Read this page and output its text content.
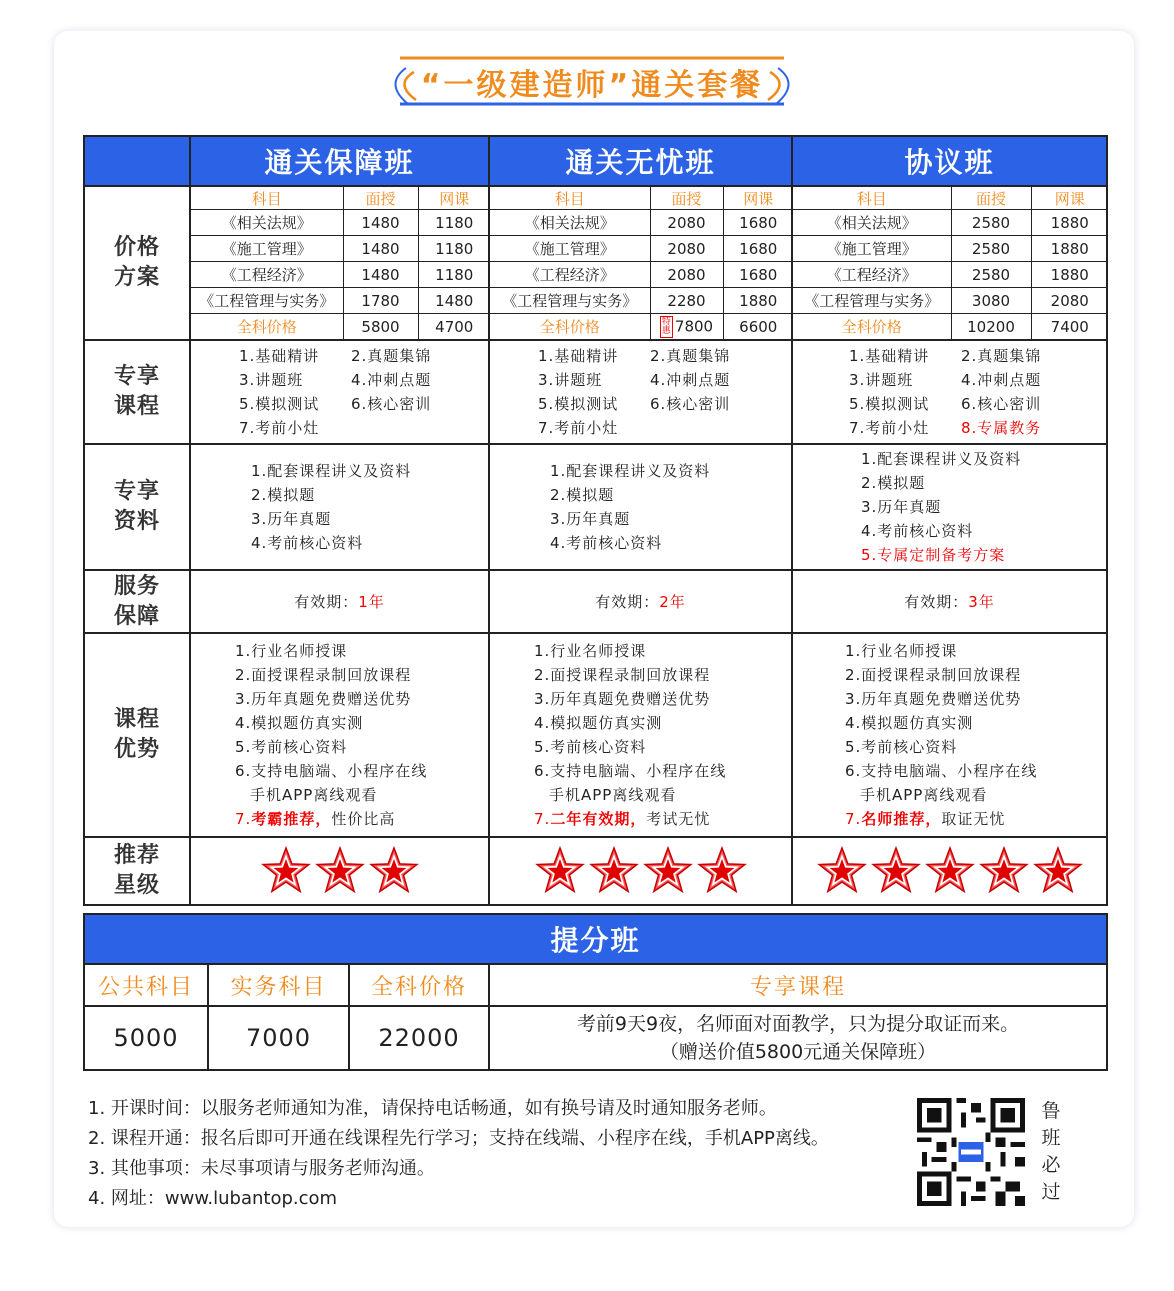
“一级建造师”通关套餐
	通关保障班	通关无忧班	协议班

价格
方案

科目	面授	网课
《相关法规》	1480	1180
《施工管理》	1480	1180
《工程经济》	1480	1180
《工程管理与实务》	1780	1480
全科价格	5800	4700

科目	面授	网课
《相关法规》	2080	1680
《施工管理》	2080	1680
《工程经济》	2080	1680
《工程管理与实务》	2280	1880
全科价格	特惠 7800	6600

科目	面授	网课
《相关法规》	2580	1880
《施工管理》	2580	1880
《工程经济》	2580	1880
《工程管理与实务》	3080	2080
全科价格	10200	7400

专享
课程

1.基础精讲	2.真题集锦
3.讲题班	4.冲刺点题
5.模拟测试	6.核心密训
7.考前小灶

1.基础精讲	2.真题集锦
3.讲题班	4.冲刺点题
5.模拟测试	6.核心密训
7.考前小灶

1.基础精讲	2.真题集锦
3.讲题班	4.冲刺点题
5.模拟测试	6.核心密训
7.考前小灶	8.专属教务

专享
资料

1.配套课程讲义及资料
2.模拟题
3.历年真题
4.考前核心资料

1.配套课程讲义及资料
2.模拟题
3.历年真题
4.考前核心资料

1.配套课程讲义及资料
2.模拟题
3.历年真题
4.考前核心资料
5.专属定制备考方案

服务
保障
	有效期：1年	有效期：2年	有效期：3年

课程
优势

1.行业名师授课
2.面授课程录制回放课程
3.历年真题免费赠送优势
4.模拟题仿真实测
5.考前核心资料
6.支持电脑端、小程序在线
手机APP离线观看
7.考霸推荐，性价比高

1.行业名师授课
2.面授课程录制回放课程
3.历年真题免费赠送优势
4.模拟题仿真实测
5.考前核心资料
6.支持电脑端、小程序在线
手机APP离线观看
7.二年有效期，考试无忧

1.行业名师授课
2.面授课程录制回放课程
3.历年真题免费赠送优势
4.模拟题仿真实测
5.考前核心资料
6.支持电脑端、小程序在线
手机APP离线观看
7.名师推荐，取证无忧

推荐
星级

提分班			
公共科目	实务科目	全科价格	专享课程
5000	7000	22000	考前9天9夜，名师面对面教学，只为提分取证而来。
（赠送价值5800元通关保障班）
1. 开课时间：以服务老师通知为准，请保持电话畅通，如有换号请及时通知服务老师。
2. 课程开通：报名后即可开通在线课程先行学习；支持在线端、小程序在线，手机APP离线。
3. 其他事项：未尽事项请与服务老师沟通。
4. 网址：www.lubantop.com
鲁
班
必
过
